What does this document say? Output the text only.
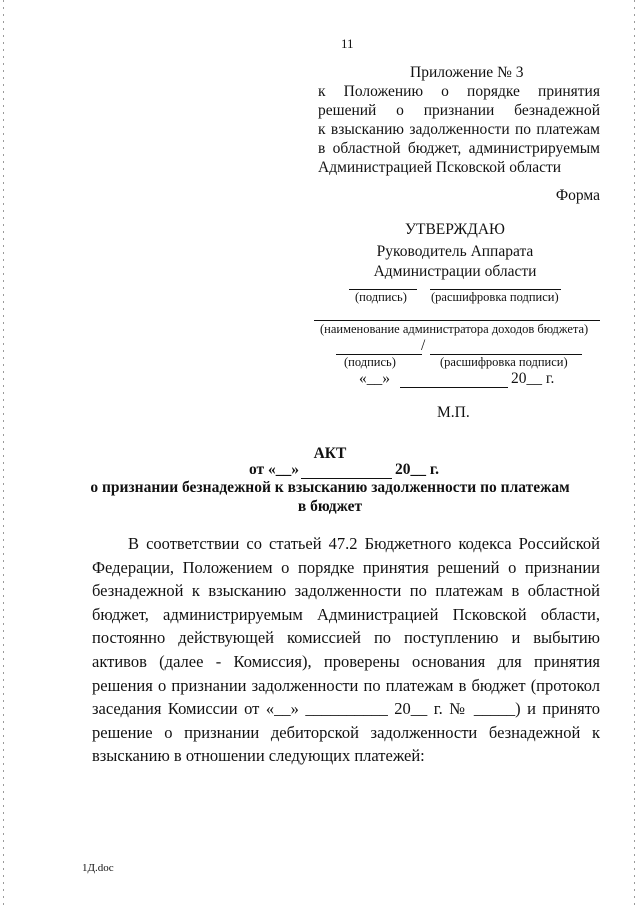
11
Приложение № 3
к Положению о порядке принятия
решений о признании безнадежной
к взысканию задолженности по платежам
в областной бюджет, администрируемым
Администрацией Псковской области
Форма
УТВЕРЖДАЮ
Руководитель Аппарата
Администрации области
(подпись) (расшифровка подписи)
(наименование администратора доходов бюджета)
/
(подпись)	(расшифровка подписи)
«__»	20__ г.
М.П.
АКТ
от «__»	20__ г.
о признании безнадежной к взысканию задолженности по платежам
в бюджет

В соответствии со статьей 47.2 Бюджетного кодекса Российской Федерации, Положением о порядке принятия решений о признании безнадежной к взысканию задолженности по платежам в областной бюджет, администрируемым Администрацией Псковской области, постоянно действующей комиссией по поступлению и выбытию активов (далее - Комиссия), проверены основания для принятия решения о признании задолженности по платежам в бюджет (протокол заседания Комиссии от «__» __________ 20__ г. № _____) и принято решение о признании дебиторской задолженности безнадежной к взысканию в отношении следующих платежей:

1Д.doc
